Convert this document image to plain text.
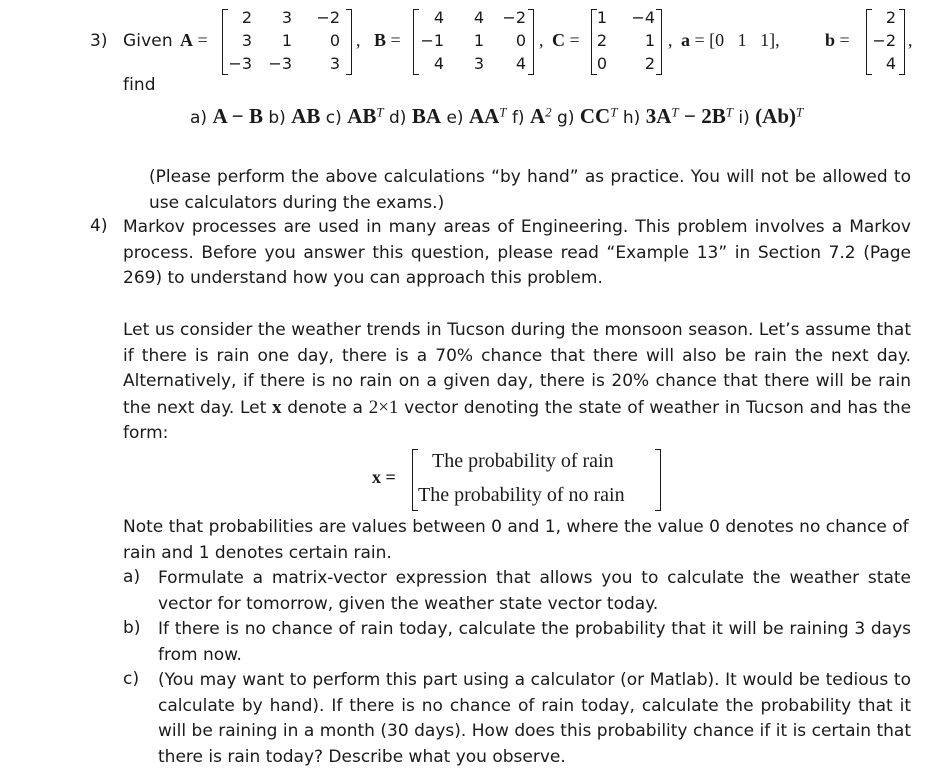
3) Given A =
2	3	−2
3	1	0
−3	−3	3
, B =
4	4	−2
−1	1	0
4	3	4
, C =
1	−4
2	1
0	2
, a = [0   1   1],	b =
2
−2
4
,
find
a) A − B b) AB c) $AB^T$ d) BA e) $AA^T$ f) $A^2$ g) $CC^T$ h) $3A^T - 2B^T$ i) $(Ab)^T$
(Please perform the above calculations “by hand” as practice. You will not be allowed to use calculators during the exams.)
4) Markov processes are used in many areas of Engineering. This problem involves a Markov process. Before you answer this question, please read “Example 13” in Section 7.2 (Page 269) to understand how you can approach this problem.
Let us consider the weather trends in Tucson during the monsoon season. Let’s assume that if there is rain one day, there is a 70% chance that there will also be rain the next day. Alternatively, if there is no rain on a given day, there is 20% chance that there will be rain the next day. Let x denote a 2×1 vector denoting the state of weather in Tucson and has the form:
x =
The probability of rain
The probability of no rain
Note that probabilities are values between 0 and 1, where the value 0 denotes no chance of rain and 1 denotes certain rain.
a) Formulate a matrix-vector expression that allows you to calculate the weather state vector for tomorrow, given the weather state vector today.
b) If there is no chance of rain today, calculate the probability that it will be raining 3 days from now.
c) (You may want to perform this part using a calculator (or Matlab). It would be tedious to calculate by hand). If there is no chance of rain today, calculate the probability that it will be raining in a month (30 days). How does this probability chance if it is certain that there is rain today? Describe what you observe.
